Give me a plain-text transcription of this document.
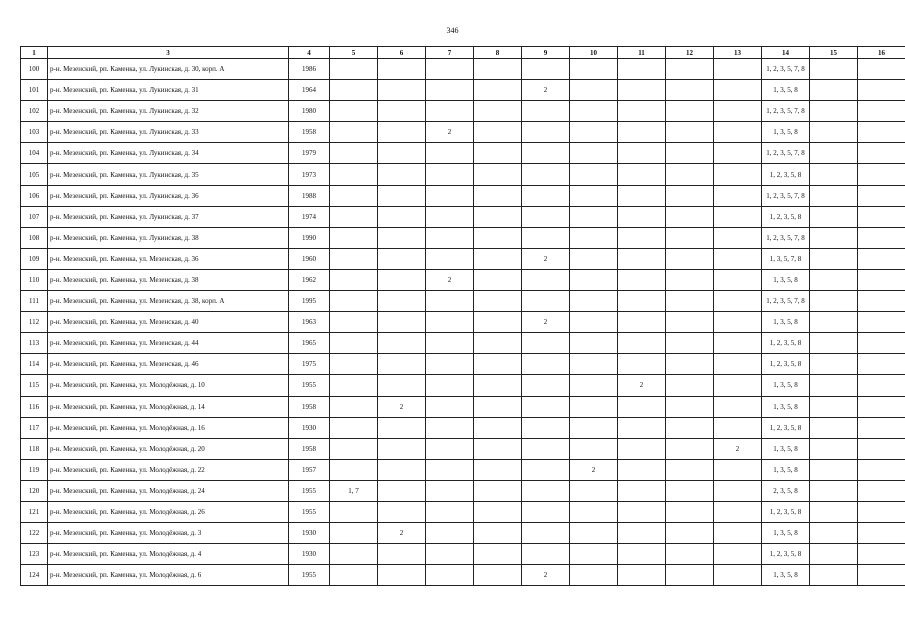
346
1	3	4	5	6	7	8	9	10	11	12	13	14	15	16
100	р-н. Мезенский, рп. Каменка, ул. Лукинская, д. 30, корп. А	1986										1, 2, 3, 5, 7, 8		
101	р-н. Мезенский, рп. Каменка, ул. Лукинская, д. 31	1964					2					1, 3, 5, 8		
102	р-н. Мезенский, рп. Каменка, ул. Лукинская, д. 32	1980										1, 2, 3, 5, 7, 8		
103	р-н. Мезенский, рп. Каменка, ул. Лукинская, д. 33	1958			2							1, 3, 5, 8		
104	р-н. Мезенский, рп. Каменка, ул. Лукинская, д. 34	1979										1, 2, 3, 5, 7, 8		
105	р-н. Мезенский, рп. Каменка, ул. Лукинская, д. 35	1973										1, 2, 3, 5, 8		
106	р-н. Мезенский, рп. Каменка, ул. Лукинская, д. 36	1988										1, 2, 3, 5, 7, 8		
107	р-н. Мезенский, рп. Каменка, ул. Лукинская, д. 37	1974										1, 2, 3, 5, 8		
108	р-н. Мезенский, рп. Каменка, ул. Лукинская, д. 38	1990										1, 2, 3, 5, 7, 8		
109	р-н. Мезенский, рп. Каменка, ул. Мезенская, д. 36	1960					2					1, 3, 5, 7, 8		
110	р-н. Мезенский, рп. Каменка, ул. Мезенская, д. 38	1962			2							1, 3, 5, 8		
111	р-н. Мезенский, рп. Каменка, ул. Мезенская, д. 38, корп. А	1995										1, 2, 3, 5, 7, 8		
112	р-н. Мезенский, рп. Каменка, ул. Мезенская, д. 40	1963					2					1, 3, 5, 8		
113	р-н. Мезенский, рп. Каменка, ул. Мезенская, д. 44	1965										1, 2, 3, 5, 8		
114	р-н. Мезенский, рп. Каменка, ул. Мезенская, д. 46	1975										1, 2, 3, 5, 8		
115	р-н. Мезенский, рп. Каменка, ул. Молодёжная, д. 10	1955							2			1, 3, 5, 8		
116	р-н. Мезенский, рп. Каменка, ул. Молодёжная, д. 14	1958		2								1, 3, 5, 8		
117	р-н. Мезенский, рп. Каменка, ул. Молодёжная, д. 16	1930										1, 2, 3, 5, 8		
118	р-н. Мезенский, рп. Каменка, ул. Молодёжная, д. 20	1958									2	1, 3, 5, 8		
119	р-н. Мезенский, рп. Каменка, ул. Молодёжная, д. 22	1957						2				1, 3, 5, 8		
120	р-н. Мезенский, рп. Каменка, ул. Молодёжная, д. 24	1955	1, 7									2, 3, 5, 8		
121	р-н. Мезенский, рп. Каменка, ул. Молодёжная, д. 26	1955										1, 2, 3, 5, 8		
122	р-н. Мезенский, рп. Каменка, ул. Молодёжная, д. 3	1930		2								1, 3, 5, 8		
123	р-н. Мезенский, рп. Каменка, ул. Молодёжная, д. 4	1930										1, 2, 3, 5, 8		
124	р-н. Мезенский, рп. Каменка, ул. Молодёжная, д. 6	1955					2					1, 3, 5, 8		
